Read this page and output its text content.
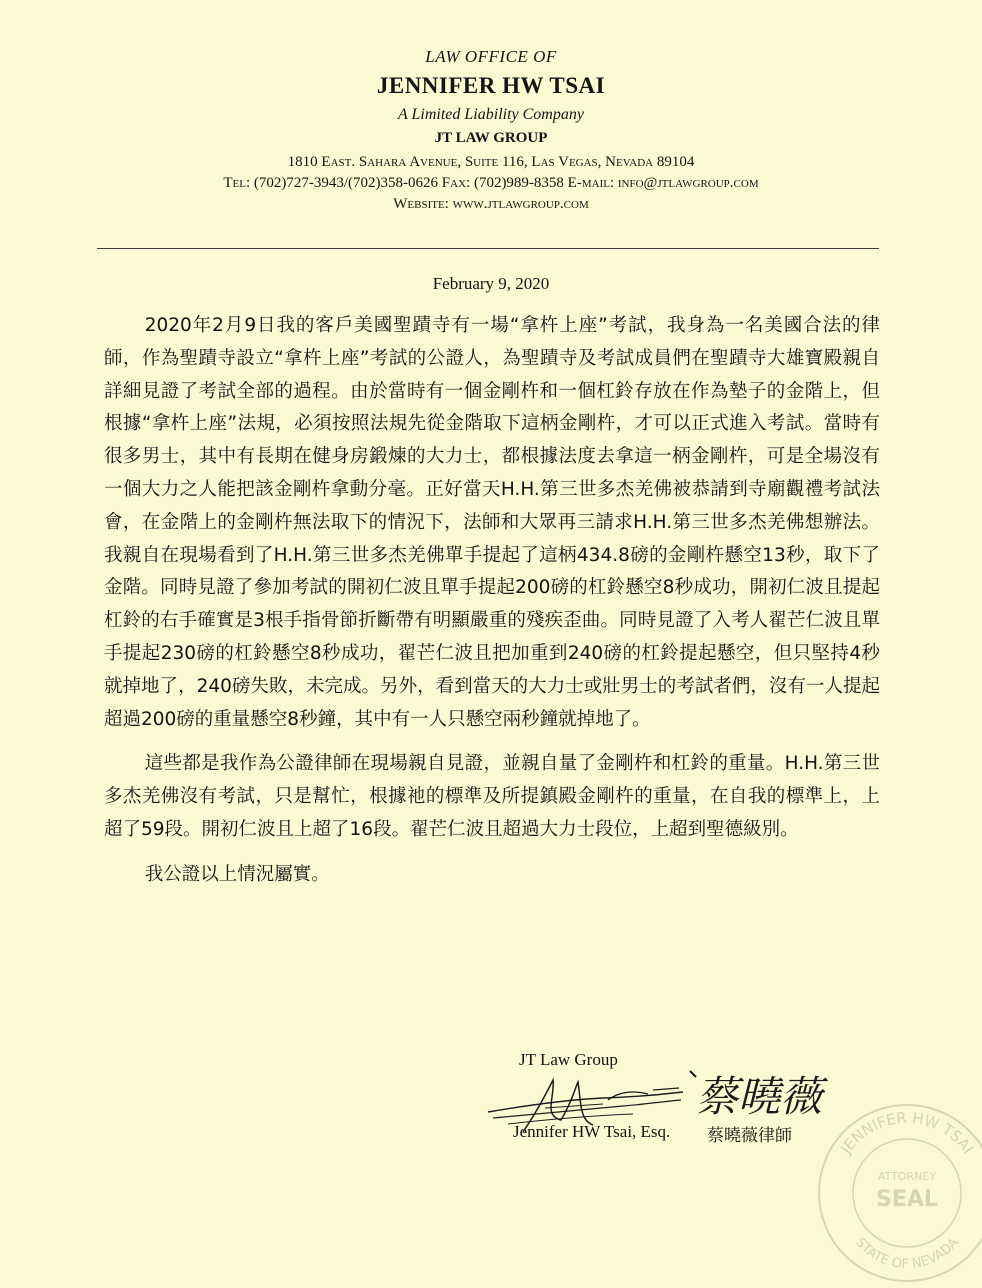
LAW OFFICE OF

JENNIFER HW TSAI

A Limited Liability Company

JT LAW GROUP

1810 East. Sahara Avenue, Suite 116, Las Vegas, Nevada 89104

Tel: (702)727-3943/(702)358-0626 Fax: (702)989-8358 E-mail: info@jtlawgroup.com

Website: www.jtlawgroup.com

February 9, 2020

2020年2月9日我的客戶美國聖蹟寺有一場“拿杵上座”考試，我身為一名美國合法的律師，作為聖蹟寺設立“拿杵上座”考試的公證人，為聖蹟寺及考試成員們在聖蹟寺大雄寶殿親自詳細見證了考試全部的過程。由於當時有一個金剛杵和一個杠鈴存放在作為墊子的金階上，但根據“拿杵上座”法規，必須按照法規先從金階取下這柄金剛杵，才可以正式進入考試。當時有很多男士，其中有長期在健身房鍛煉的大力士，都根據法度去拿這一柄金剛杵，可是全場沒有一個大力之人能把該金剛杵拿動分毫。正好當天H.H.第三世多杰羌佛被恭請到寺廟觀禮考試法會，在金階上的金剛杵無法取下的情況下，法師和大眾再三請求H.H.第三世多杰羌佛想辦法。我親自在現場看到了H.H.第三世多杰羌佛單手提起了這柄434.8磅的金剛杵懸空13秒，取下了金階。同時見證了參加考試的開初仁波且單手提起200磅的杠鈴懸空8秒成功，開初仁波且提起杠鈴的右手確實是3根手指骨節折斷帶有明顯嚴重的殘疾歪曲。同時見證了入考人翟芒仁波且單手提起230磅的杠鈴懸空8秒成功，翟芒仁波且把加重到240磅的杠鈴提起懸空，但只堅持4秒就掉地了，240磅失敗，未完成。另外，看到當天的大力士或壯男士的考試者們，沒有一人提起超過200磅的重量懸空8秒鐘，其中有一人只懸空兩秒鐘就掉地了。

這些都是我作為公證律師在現場親自見證，並親自量了金剛杵和杠鈴的重量。H.H.第三世多杰羌佛沒有考試，只是幫忙，根據祂的標準及所提鎮殿金剛杵的重量，在自我的標準上，上超了59段。開初仁波且上超了16段。翟芒仁波且超過大力士段位，上超到聖德級別。

我公證以上情況屬實。

JT Law Group
蔡曉薇
Jennifer HW Tsai, Esq. 蔡曉薇律師
JENNIFER HW TSAI
STATE OF NEVADA
ATTORNEY
SEAL
